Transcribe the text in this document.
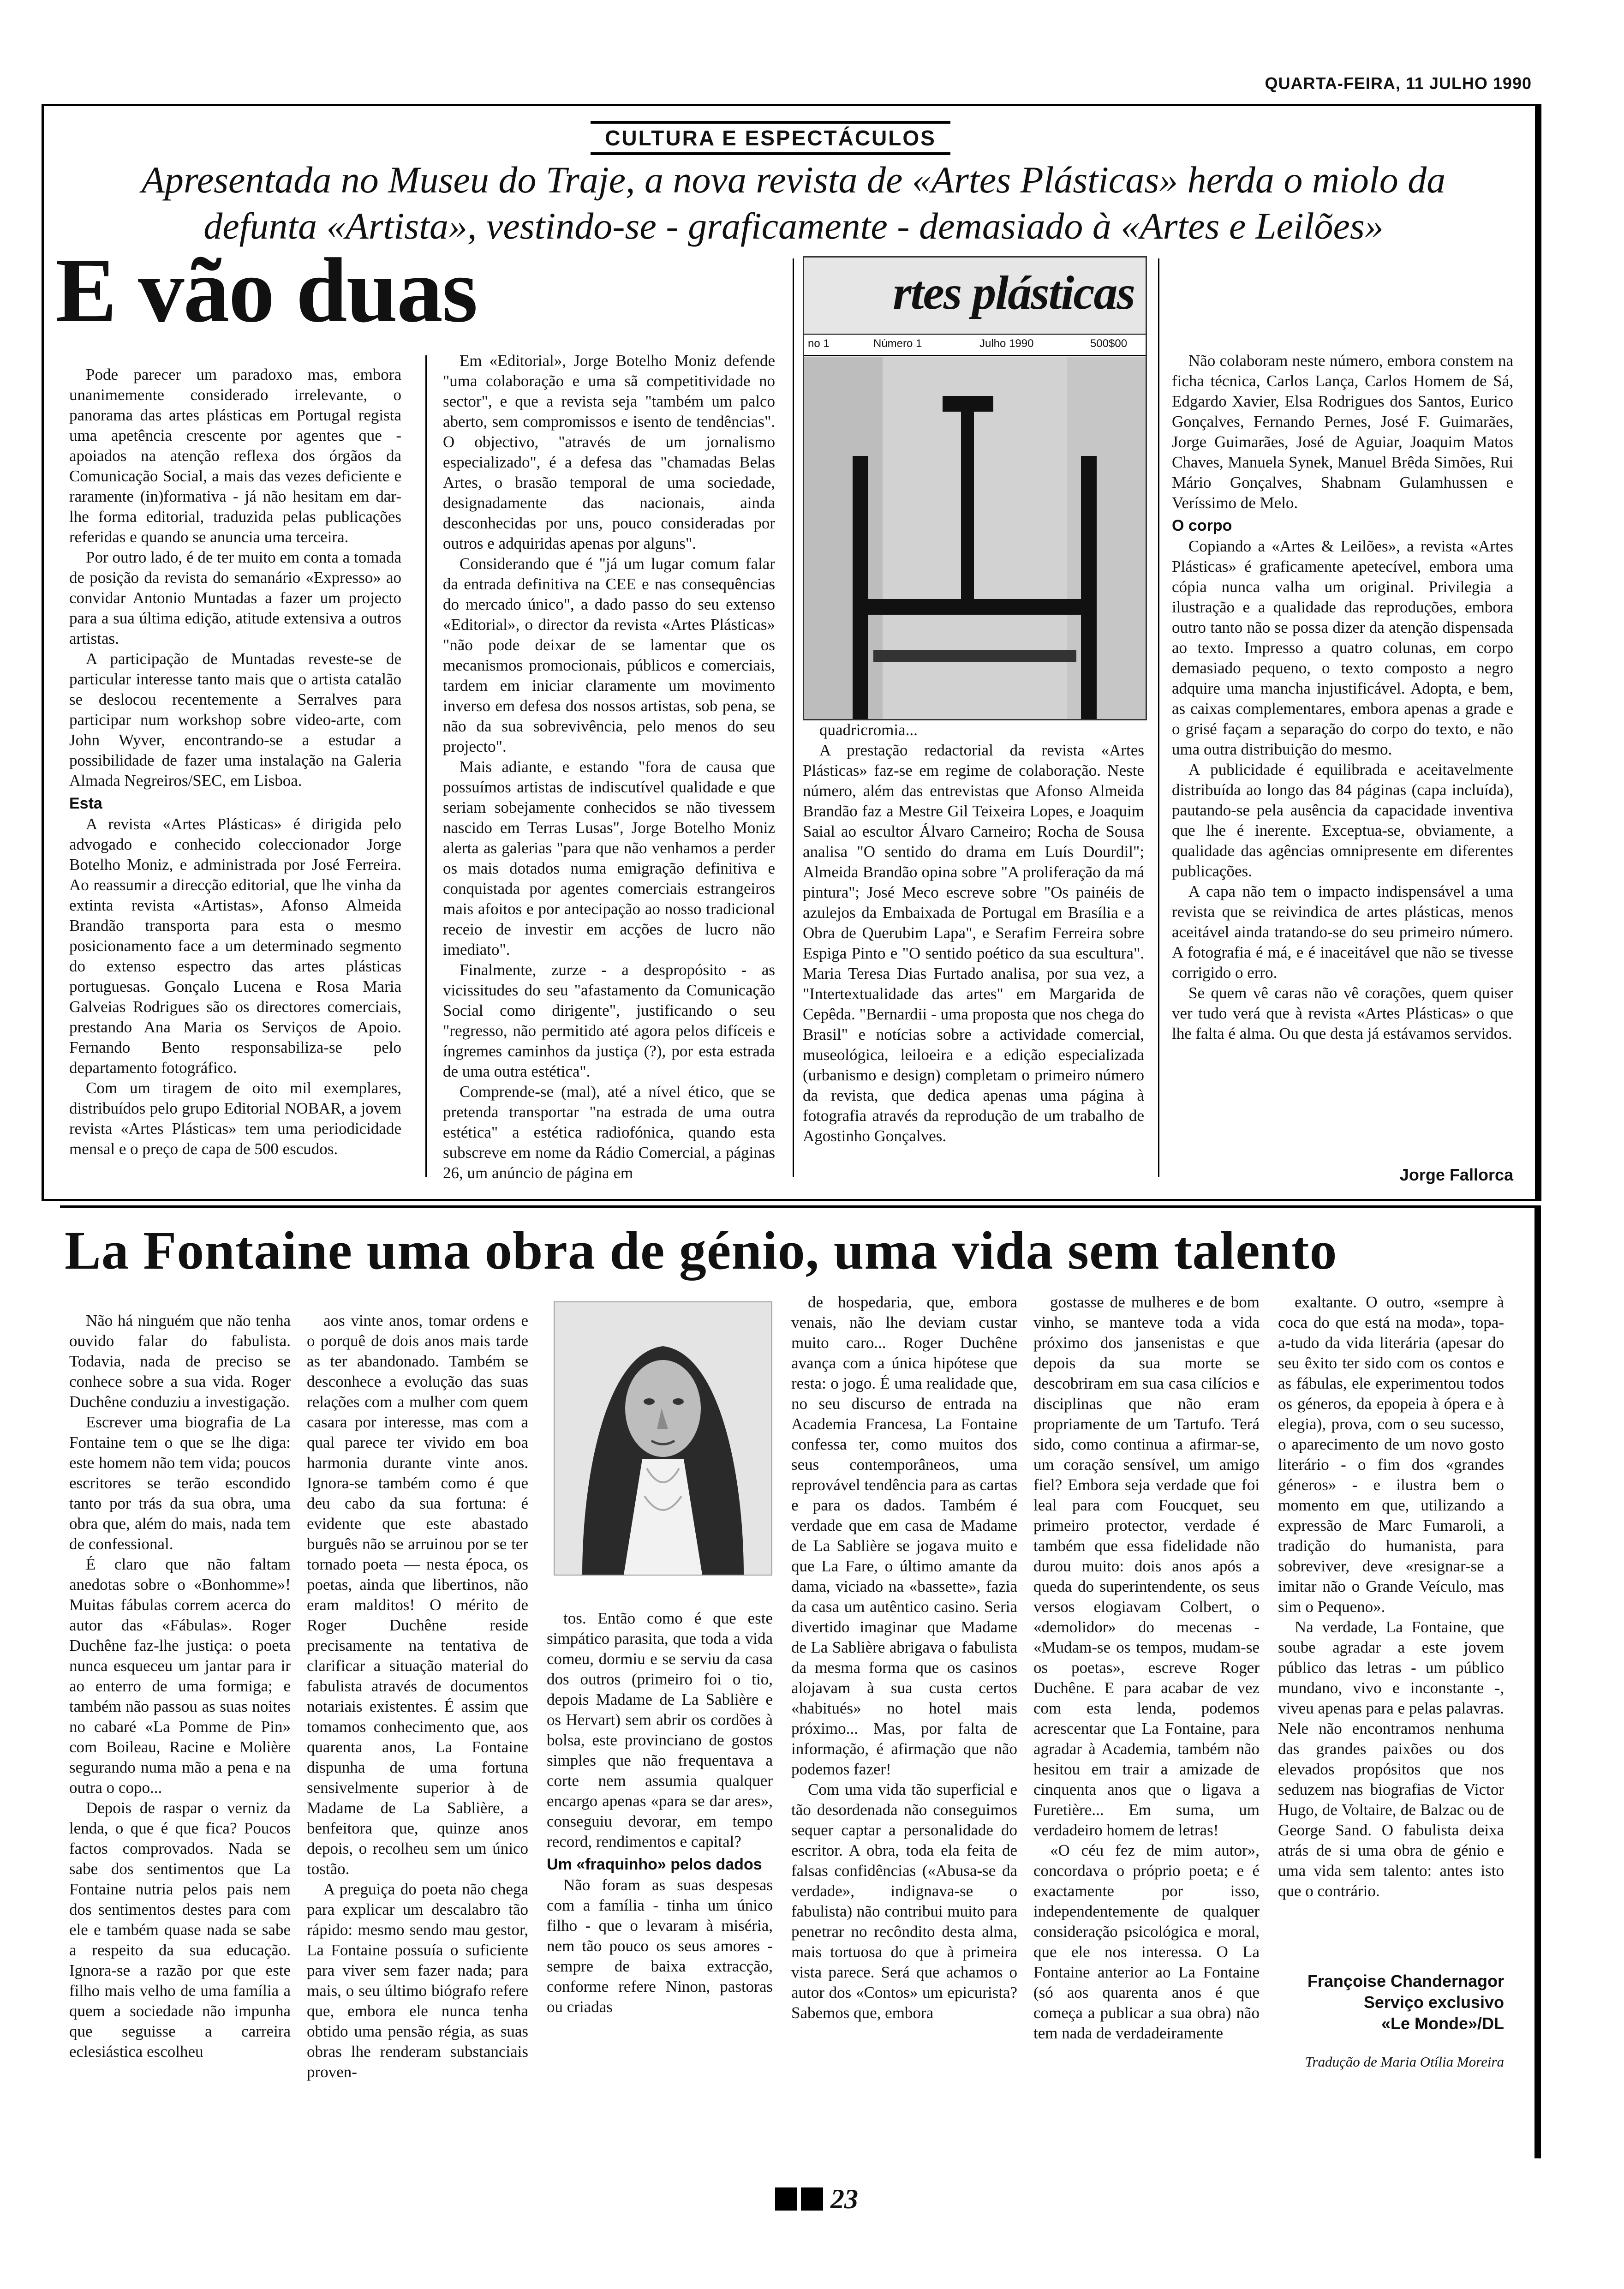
QUARTA-FEIRA, 11 JULHO 1990
CULTURA E ESPECTÁCULOS
Apresentada no Museu do Traje, a nova revista de «Artes Plásticas» herda o miolo da defunta «Artista», vestindo-se - graficamente - demasiado à «Artes e Leilões»
E vão duas

Pode parecer um paradoxo mas, embora unanimemente considerado irrelevante, o panorama das artes plásticas em Portugal regista uma apetência crescente por agentes que - apoiados na atenção reflexa dos órgãos da Comunicação Social, a mais das vezes deficiente e raramente (in)formativa - já não hesitam em dar-lhe forma editorial, traduzida pelas publicações referidas e quando se anuncia uma terceira.

Por outro lado, é de ter muito em conta a tomada de posição da revista do semanário «Expresso» ao convidar Antonio Muntadas a fazer um projecto para a sua última edição, atitude extensiva a outros artistas.

A participação de Muntadas reveste-se de particular interesse tanto mais que o artista catalão se deslocou recentemente a Serralves para participar num workshop sobre video-arte, com John Wyver, encontrando-se a estudar a possibilidade de fazer uma instalação na Galeria Almada Negreiros/SEC, em Lisboa.

Esta

A revista «Artes Plásticas» é dirigida pelo advogado e conhecido coleccionador Jorge Botelho Moniz, e administrada por José Ferreira. Ao reassumir a direcção editorial, que lhe vinha da extinta revista «Artistas», Afonso Almeida Brandão transporta para esta o mesmo posicionamento face a um determinado segmento do extenso espectro das artes plásticas portuguesas. Gonçalo Lucena e Rosa Maria Galveias Rodrigues são os directores comerciais, prestando Ana Maria os Serviços de Apoio. Fernando Bento responsabiliza-se pelo departamento fotográfico.

Com um tiragem de oito mil exemplares, distribuídos pelo grupo Editorial NOBAR, a jovem revista «Artes Plásticas» tem uma periodicidade mensal e o preço de capa de 500 escudos.

Em «Editorial», Jorge Botelho Moniz defende "uma colaboração e uma sã competitividade no sector", e que a revista seja "também um palco aberto, sem compromissos e isento de tendências". O objectivo, "através de um jornalismo especializado", é a defesa das "chamadas Belas Artes, o brasão temporal de uma sociedade, designadamente das nacionais, ainda desconhecidas por uns, pouco consideradas por outros e adquiridas apenas por alguns".

Considerando que é "já um lugar comum falar da entrada definitiva na CEE e nas consequências do mercado único", a dado passo do seu extenso «Editorial», o director da revista «Artes Plásticas» "não pode deixar de se lamentar que os mecanismos promocionais, públicos e comerciais, tardem em iniciar claramente um movimento inverso em defesa dos nossos artistas, sob pena, se não da sua sobrevivência, pelo menos do seu projecto".

Mais adiante, e estando "fora de causa que possuímos artistas de indiscutível qualidade e que seriam sobejamente conhecidos se não tivessem nascido em Terras Lusas", Jorge Botelho Moniz alerta as galerias "para que não venhamos a perder os mais dotados numa emigração definitiva e conquistada por agentes comerciais estrangeiros mais afoitos e por antecipação ao nosso tradicional receio de investir em acções de lucro não imediato".

Finalmente, zurze - a despropósito - as vicissitudes do seu "afastamento da Comunicação Social como dirigente", justificando o seu "regresso, não permitido até agora pelos difíceis e íngremes caminhos da justiça (?), por esta estrada de uma outra estética".

Comprende-se (mal), até a nível ético, que se pretenda transportar "na estrada de uma outra estética" a estética radiofónica, quando esta subscreve em nome da Rádio Comercial, a páginas 26, um anúncio de página em

rtes plásticas
no 1	Número 1	Julho 1990	500$00

quadricromia...

A prestação redactorial da revista «Artes Plásticas» faz-se em regime de colaboração. Neste número, além das entrevistas que Afonso Almeida Brandão faz a Mestre Gil Teixeira Lopes, e Joaquim Saial ao escultor Álvaro Carneiro; Rocha de Sousa analisa "O sentido do drama em Luís Dourdil"; Almeida Brandão opina sobre "A proliferação da má pintura"; José Meco escreve sobre "Os painéis de azulejos da Embaixada de Portugal em Brasília e a Obra de Querubim Lapa", e Serafim Ferreira sobre Espiga Pinto e "O sentido poético da sua escultura". Maria Teresa Dias Furtado analisa, por sua vez, a "Intertextualidade das artes" em Margarida de Cepêda. "Bernardii - uma proposta que nos chega do Brasil" e notícias sobre a actividade comercial, museológica, leiloeira e a edição especializada (urbanismo e design) completam o primeiro número da revista, que dedica apenas uma página à fotografia através da reprodução de um trabalho de Agostinho Gonçalves.

Não colaboram neste número, embora constem na ficha técnica, Carlos Lança, Carlos Homem de Sá, Edgardo Xavier, Elsa Rodrigues dos Santos, Eurico Gonçalves, Fernando Pernes, José F. Guimarães, Jorge Guimarães, José de Aguiar, Joaquim Matos Chaves, Manuela Synek, Manuel Brêda Simões, Rui Mário Gonçalves, Shabnam Gulamhussen e Veríssimo de Melo.

O corpo

Copiando a «Artes & Leilões», a revista «Artes Plásticas» é graficamente apetecível, embora uma cópia nunca valha um original. Privilegia a ilustração e a qualidade das reproduções, embora outro tanto não se possa dizer da atenção dispensada ao texto. Impresso a quatro colunas, em corpo demasiado pequeno, o texto composto a negro adquire uma mancha injustificável. Adopta, e bem, as caixas complementares, embora apenas a grade e o grisé façam a separação do corpo do texto, e não uma outra distribuição do mesmo.

A publicidade é equilibrada e aceitavelmente distribuída ao longo das 84 páginas (capa incluída), pautando-se pela ausência da capacidade inventiva que lhe é inerente. Exceptua-se, obviamente, a qualidade das agências omnipresente em diferentes publicações.

A capa não tem o impacto indispensável a uma revista que se reivindica de artes plásticas, menos aceitável ainda tratando-se do seu primeiro número. A fotografia é má, e é inaceitável que não se tivesse corrigido o erro.

Se quem vê caras não vê corações, quem quiser ver tudo verá que à revista «Artes Plásticas» o que lhe falta é alma. Ou que desta já estávamos servidos.

Jorge Fallorca
La Fontaine uma obra de génio, uma vida sem talento

Não há ninguém que não tenha ouvido falar do fabulista. Todavia, nada de preciso se conhece sobre a sua vida. Roger Duchêne conduziu a investigação.

Escrever uma biografia de La Fontaine tem o que se lhe diga: este homem não tem vida; poucos escritores se terão escondido tanto por trás da sua obra, uma obra que, além do mais, nada tem de confessional.

É claro que não faltam anedotas sobre o «Bonhomme»! Muitas fábulas correm acerca do autor das «Fábulas». Roger Duchêne faz-lhe justiça: o poeta nunca esqueceu um jantar para ir ao enterro de uma formiga; e também não passou as suas noites no cabaré «La Pomme de Pin» com Boileau, Racine e Molière segurando numa mão a pena e na outra o copo...

Depois de raspar o verniz da lenda, o que é que fica? Poucos factos comprovados. Nada se sabe dos sentimentos que La Fontaine nutria pelos pais nem dos sentimentos destes para com ele e também quase nada se sabe a respeito da sua educação. Ignora-se a razão por que este filho mais velho de uma família a quem a sociedade não impunha que seguisse a carreira eclesiástica escolheu

aos vinte anos, tomar ordens e o porquê de dois anos mais tarde as ter abandonado. Também se desconhece a evolução das suas relações com a mulher com quem casara por interesse, mas com a qual parece ter vivido em boa harmonia durante vinte anos. Ignora-se também como é que deu cabo da sua fortuna: é evidente que este abastado burguês não se arruinou por se ter tornado poeta — nesta época, os poetas, ainda que libertinos, não eram malditos! O mérito de Roger Duchêne reside precisamente na tentativa de clarificar a situação material do fabulista através de documentos notariais existentes. É assim que tomamos conhecimento que, aos quarenta anos, La Fontaine dispunha de uma fortuna sensivelmente superior à de Madame de La Sablière, a benfeitora que, quinze anos depois, o recolheu sem um único tostão.

A preguiça do poeta não chega para explicar um descalabro tão rápido: mesmo sendo mau gestor, La Fontaine possuía o suficiente para viver sem fazer nada; para mais, o seu último biógrafo refere que, embora ele nunca tenha obtido uma pensão régia, as suas obras lhe renderam substanciais proven-

tos. Então como é que este simpático parasita, que toda a vida comeu, dormiu e se serviu da casa dos outros (primeiro foi o tio, depois Madame de La Sablière e os Hervart) sem abrir os cordões à bolsa, este provinciano de gostos simples que não frequentava a corte nem assumia qualquer encargo apenas «para se dar ares», conseguiu devorar, em tempo record, rendimentos e capital?

Um «fraquinho» pelos dados

Não foram as suas despesas com a família - tinha um único filho - que o levaram à miséria, nem tão pouco os seus amores - sempre de baixa extracção, conforme refere Ninon, pastoras ou criadas

de hospedaria, que, embora venais, não lhe deviam custar muito caro... Roger Duchêne avança com a única hipótese que resta: o jogo. É uma realidade que, no seu discurso de entrada na Academia Francesa, La Fontaine confessa ter, como muitos dos seus contemporâneos, uma reprovável tendência para as cartas e para os dados. Também é verdade que em casa de Madame de La Sablière se jogava muito e que La Fare, o último amante da dama, viciado na «bassette», fazia da casa um autêntico casino. Seria divertido imaginar que Madame de La Sablière abrigava o fabulista da mesma forma que os casinos alojavam à sua custa certos «habitués» no hotel mais próximo... Mas, por falta de informação, é afirmação que não podemos fazer!

Com uma vida tão superficial e tão desordenada não conseguimos sequer captar a personalidade do escritor. A obra, toda ela feita de falsas confidências («Abusa-se da verdade», indignava-se o fabulista) não contribui muito para penetrar no recôndito desta alma, mais tortuosa do que à primeira vista parece. Será que achamos o autor dos «Contos» um epicurista? Sabemos que, embora

gostasse de mulheres e de bom vinho, se manteve toda a vida próximo dos jansenistas e que depois da sua morte se descobriram em sua casa cilícios e disciplinas que não eram propriamente de um Tartufo. Terá sido, como continua a afirmar-se, um coração sensível, um amigo fiel? Embora seja verdade que foi leal para com Foucquet, seu primeiro protector, verdade é também que essa fidelidade não durou muito: dois anos após a queda do superintendente, os seus versos elogiavam Colbert, o «demolidor» do mecenas - «Mudam-se os tempos, mudam-se os poetas», escreve Roger Duchêne. E para acabar de vez com esta lenda, podemos acrescentar que La Fontaine, para agradar à Academia, também não hesitou em trair a amizade de cinquenta anos que o ligava a Furetière... Em suma, um verdadeiro homem de letras!

«O céu fez de mim autor», concordava o próprio poeta; e é exactamente por isso, independentemente de qualquer consideração psicológica e moral, que ele nos interessa. O La Fontaine anterior ao La Fontaine (só aos quarenta anos é que começa a publicar a sua obra) não tem nada de verdadeiramente

exaltante. O outro, «sempre à coca do que está na moda», topa-a-tudo da vida literária (apesar do seu êxito ter sido com os contos e as fábulas, ele experimentou todos os géneros, da epopeia à ópera e à elegia), prova, com o seu sucesso, o aparecimento de um novo gosto literário - o fim dos «grandes géneros» - e ilustra bem o momento em que, utilizando a expressão de Marc Fumaroli, a tradição do humanista, para sobreviver, deve «resignar-se a imitar não o Grande Veículo, mas sim o Pequeno».

Na verdade, La Fontaine, que soube agradar a este jovem público das letras - um público mundano, vivo e inconstante -, viveu apenas para e pelas palavras. Nele não encontramos nenhuma das grandes paixões ou dos elevados propósitos que nos seduzem nas biografias de Victor Hugo, de Voltaire, de Balzac ou de George Sand. O fabulista deixa atrás de si uma obra de génio e uma vida sem talento: antes isto que o contrário.

Françoise Chandernagor
Serviço exclusivo
«Le Monde»/DL
Tradução de Maria Otília Moreira
23
